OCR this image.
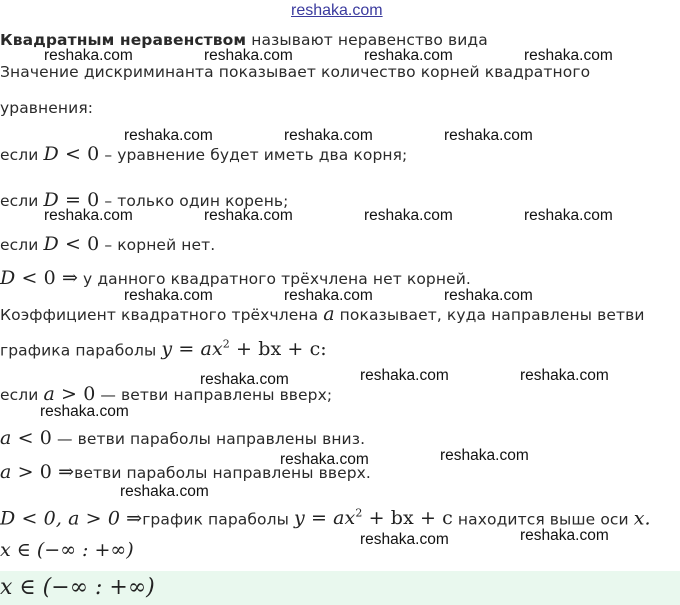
reshaka.com
Квадратным неравенством называют неравенство вида
Значение дискриминанта показывает количество корней квадратного
уравнения:
если D < 0 – уравнение будет иметь два корня;
если D = 0 – только один корень;
если D < 0 – корней нет.
D < 0 ⇒ у данного квадратного трёхчлена нет корней.
Коэффициент квадратного трёхчлена a показывает, куда направлены ветви
графика параболы $y = ax^2$ + bx + c:
если a > 0 — ветви направлены вверх;
a < 0 — ветви параболы направлены вниз.
a > 0 ⇒ветви параболы направлены вверх.
D < 0, a > 0 ⇒график параболы $y = ax^2$ + bx + c находится выше оси x.
x ∈ (−∞ : +∞)
x ∈ (−∞ : +∞)
reshaka.com	reshaka.com	reshaka.com	reshaka.com
reshaka.com	reshaka.com	reshaka.com
reshaka.com	reshaka.com	reshaka.com	reshaka.com
reshaka.com	reshaka.com	reshaka.com
reshaka.com	reshaka.com	reshaka.com
reshaka.com
reshaka.com	reshaka.com
reshaka.com
reshaka.com	reshaka.com
